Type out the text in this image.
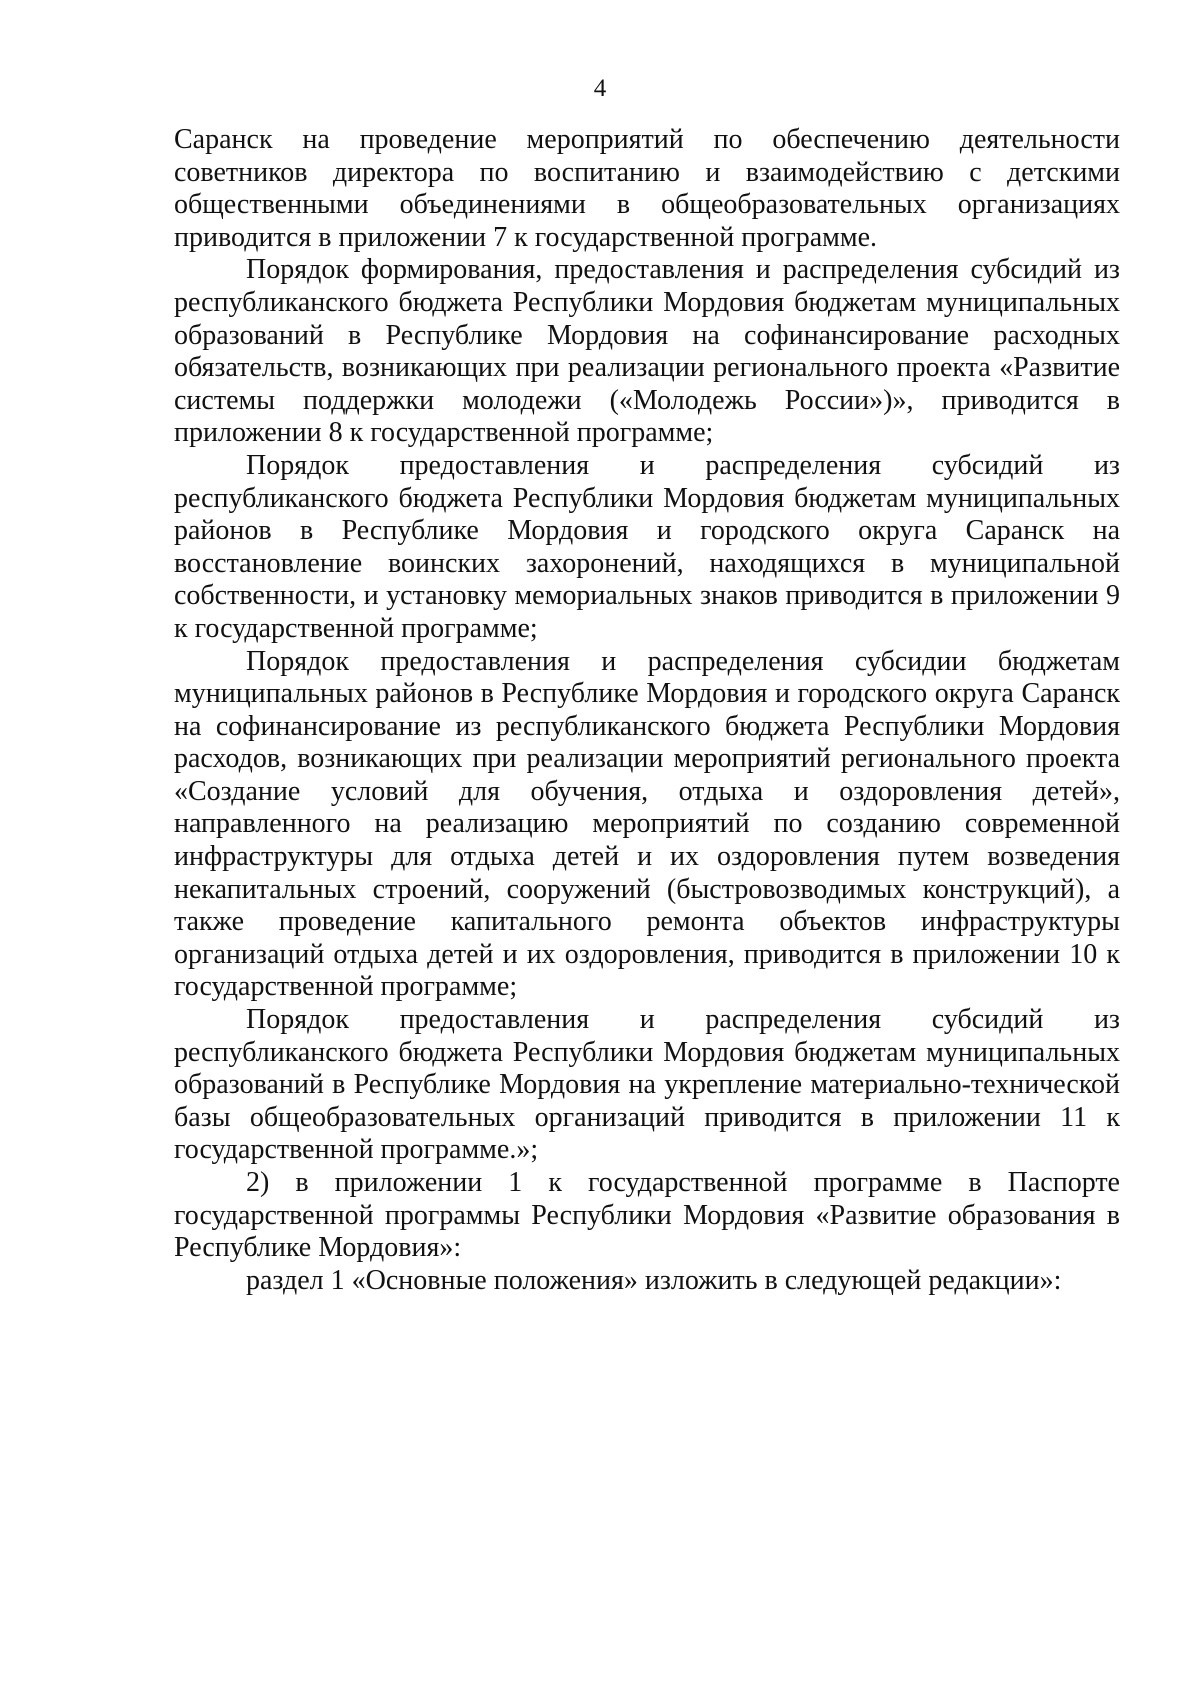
4

Саранск на проведение мероприятий по обеспечению деятельности советников директора по воспитанию и взаимодействию с детскими общественными объединениями в общеобразовательных организациях приводится в приложении 7 к государственной программе.

Порядок формирования, предоставления и распределения субсидий из республиканского бюджета Республики Мордовия бюджетам муниципальных образований в Республике Мордовия на софинансирование расходных обязательств, возникающих при реализации регионального проекта «Развитие системы поддержки молодежи («Молодежь России»)», приводится в приложении 8 к государственной программе;

Порядок предоставления и распределения субсидий из республиканского бюджета Республики Мордовия бюджетам муниципальных районов в Республике Мордовия и городского округа Саранск на восстановление воинских захоронений, находящихся в муниципальной собственности, и установку мемориальных знаков приводится в приложении 9 к государственной программе;

Порядок предоставления и распределения субсидии бюджетам муниципальных районов в Республике Мордовия и городского округа Саранск на софинансирование из республиканского бюджета Республики Мордовия расходов, возникающих при реализации мероприятий регионального проекта «Создание условий для обучения, отдыха и оздоровления детей», направленного на реализацию мероприятий по созданию современной инфраструктуры для отдыха детей и их оздоровления путем возведения некапитальных строений, сооружений (быстровозводимых конструкций), а также проведение капитального ремонта объектов инфраструктуры организаций отдыха детей и их оздоровления, приводится в приложении 10 к государственной программе;

Порядок предоставления и распределения субсидий из республиканского бюджета Республики Мордовия бюджетам муниципальных образований в Республике Мордовия на укрепление материально-технической базы общеобразовательных организаций приводится в приложении 11 к государственной программе.»;

2) в приложении 1 к государственной программе в Паспорте государственной программы Республики Мордовия «Развитие образования в Республике Мордовия»:

раздел 1 «Основные положения» изложить в следующей редакции»:
